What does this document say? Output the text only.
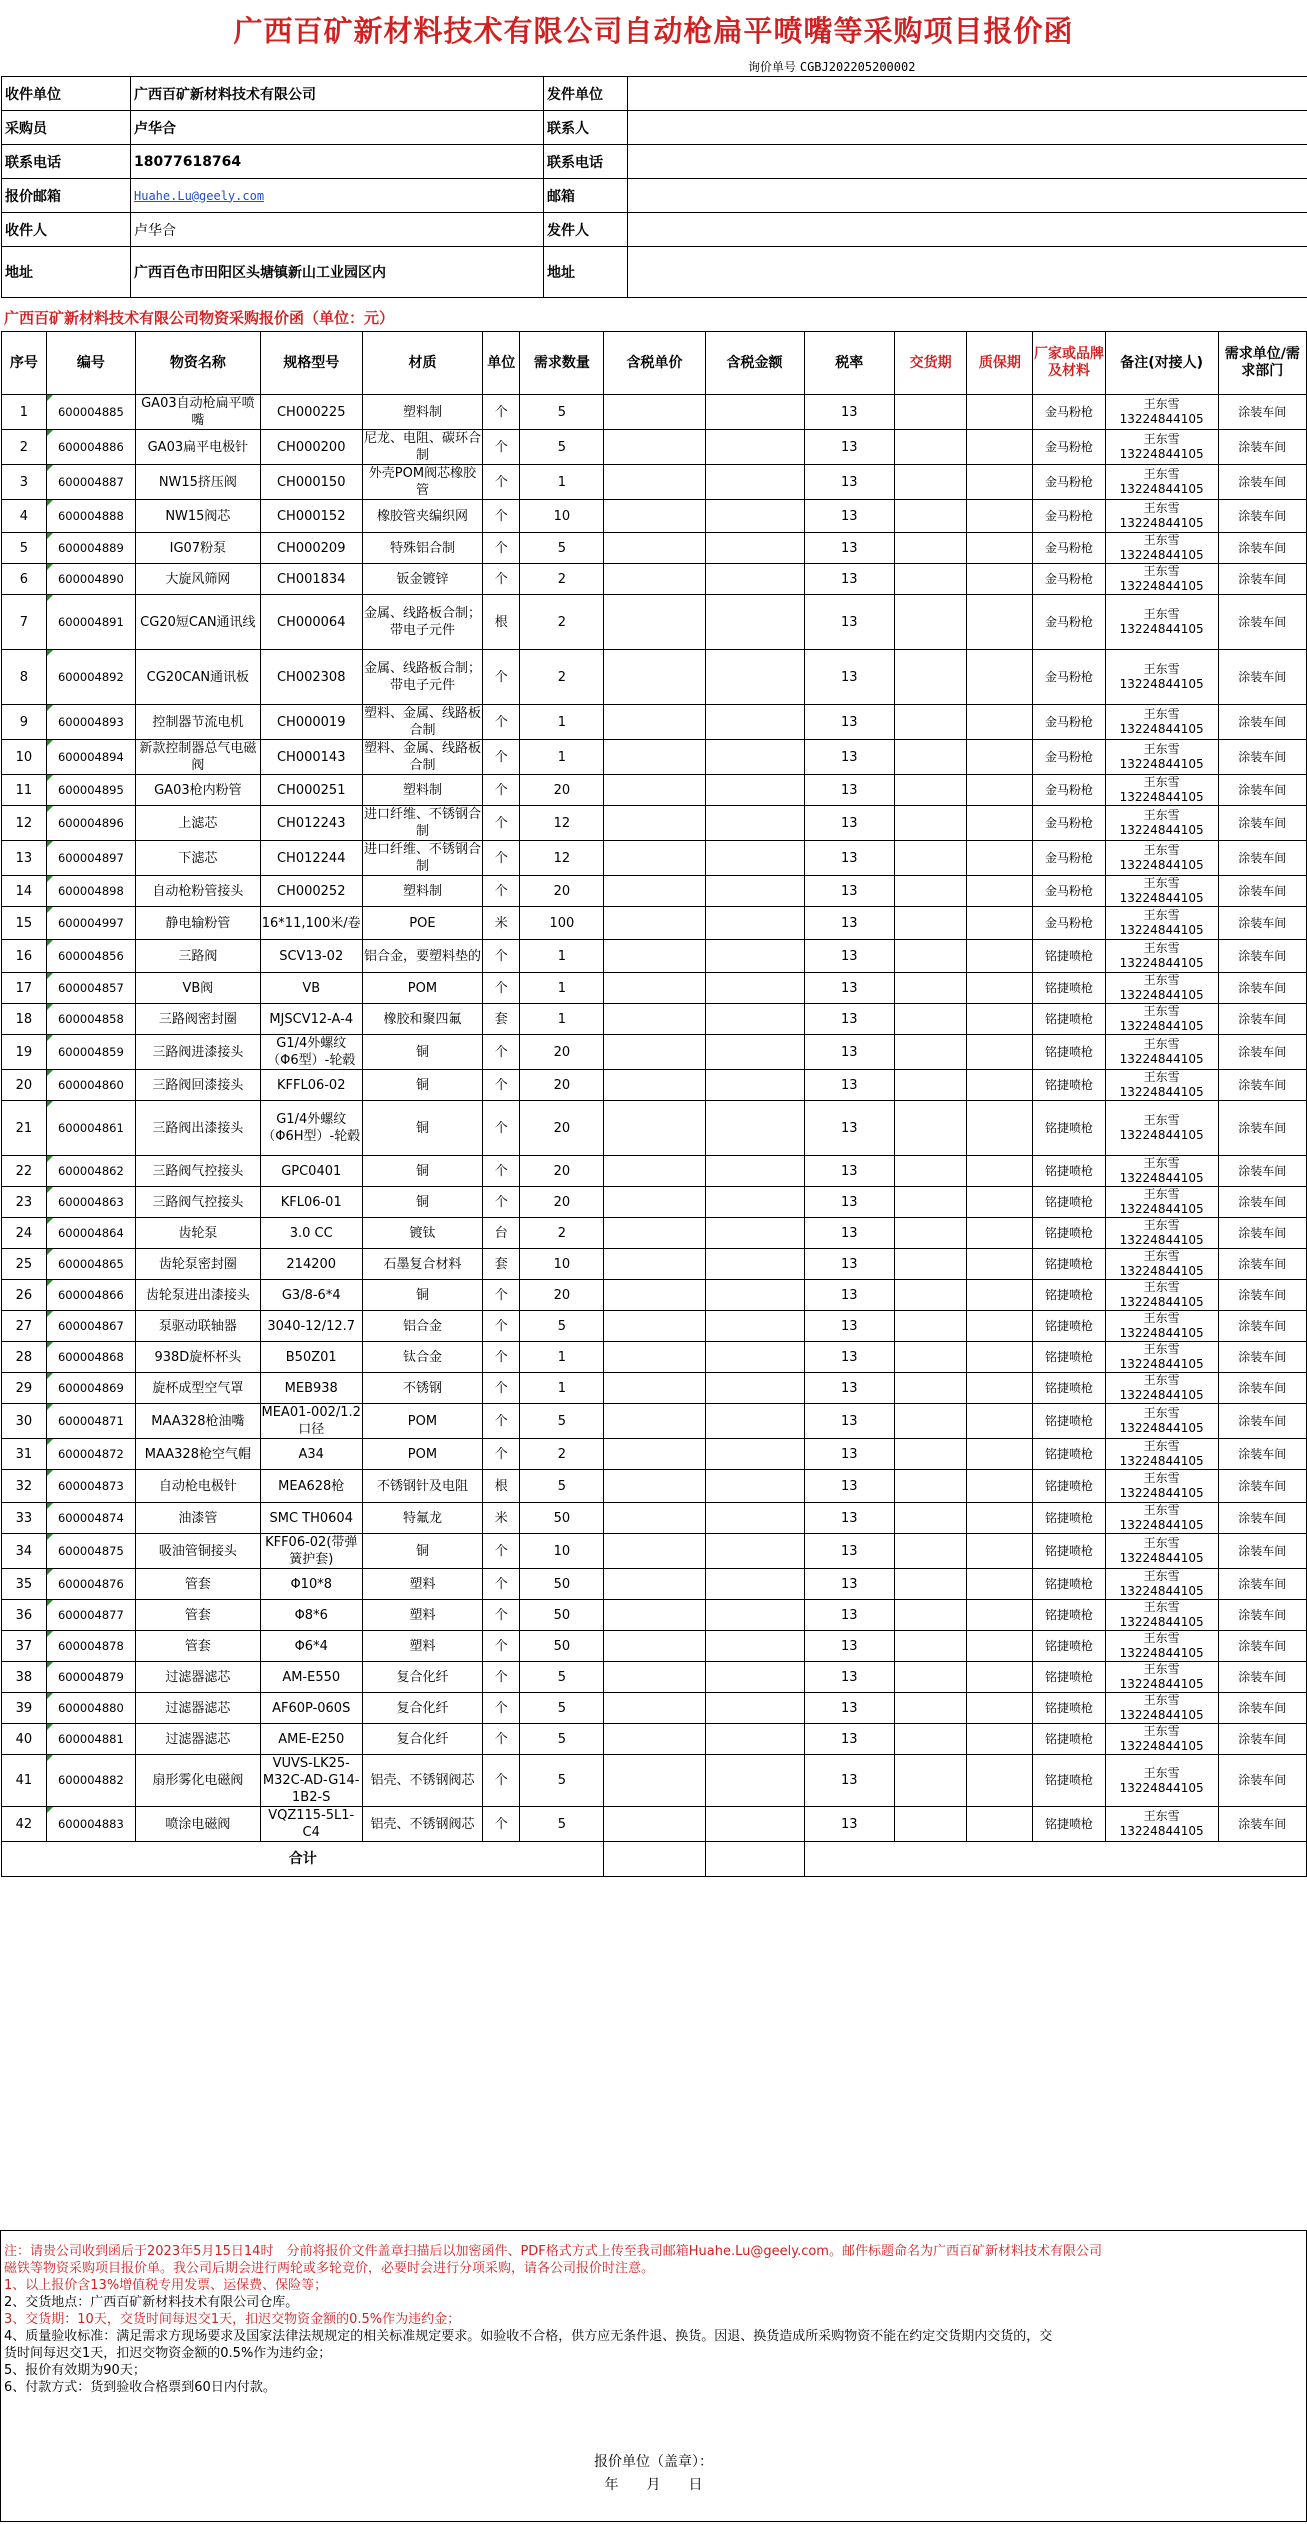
广西百矿新材料技术有限公司自动枪扁平喷嘴等采购项目报价函
询价单号 CGBJ202205200002
收件单位	广西百矿新材料技术有限公司	发件单位	
采购员	卢华合	联系人	
联系电话	18077618764	联系电话	
报价邮箱	Huahe.Lu@geely.com	邮箱	
收件人	卢华合	发件人	
地址	广西百色市田阳区头塘镇新山工业园区内	地址	
广西百矿新材料技术有限公司物资采购报价函（单位：元）
序号	编号	物资名称	规格型号	材质	单位	需求数量	含税单价	含税金额	税率	交货期	质保期	厂家或品牌及材料	备注(对接人)	需求单位/需求部门
1	600004885	GA03自动枪扁平喷嘴	CH000225	塑料制	个	5			13			金马粉枪	王东雪 13224844105	涂装车间
2	600004886	GA03扁平电极针	CH000200	尼龙、电阻、碳环合制	个	5			13			金马粉枪	王东雪 13224844105	涂装车间
3	600004887	NW15挤压阀	CH000150	外壳POM阀芯橡胶管	个	1			13			金马粉枪	王东雪 13224844105	涂装车间
4	600004888	NW15阀芯	CH000152	橡胶管夹编织网	个	10			13			金马粉枪	王东雪 13224844105	涂装车间
5	600004889	IG07粉泵	CH000209	特殊铝合制	个	5			13			金马粉枪	王东雪 13224844105	涂装车间
6	600004890	大旋风筛网	CH001834	钣金镀锌	个	2			13			金马粉枪	王东雪 13224844105	涂装车间
7	600004891	CG20短CAN通讯线	CH000064	金属、线路板合制；带电子元件	根	2			13			金马粉枪	王东雪 13224844105	涂装车间
8	600004892	CG20CAN通讯板	CH002308	金属、线路板合制；带电子元件	个	2			13			金马粉枪	王东雪 13224844105	涂装车间
9	600004893	控制器节流电机	CH000019	塑料、金属、线路板合制	个	1			13			金马粉枪	王东雪 13224844105	涂装车间
10	600004894	新款控制器总气电磁阀	CH000143	塑料、金属、线路板合制	个	1			13			金马粉枪	王东雪 13224844105	涂装车间
11	600004895	GA03枪内粉管	CH000251	塑料制	个	20			13			金马粉枪	王东雪 13224844105	涂装车间
12	600004896	上滤芯	CH012243	进口纤维、不锈钢合制	个	12			13			金马粉枪	王东雪 13224844105	涂装车间
13	600004897	下滤芯	CH012244	进口纤维、不锈钢合制	个	12			13			金马粉枪	王东雪 13224844105	涂装车间
14	600004898	自动枪粉管接头	CH000252	塑料制	个	20			13			金马粉枪	王东雪 13224844105	涂装车间
15	600004997	静电输粉管	16*11,100米/卷	POE	米	100			13			金马粉枪	王东雪 13224844105	涂装车间
16	600004856	三路阀	SCV13-02	铝合金，要塑料垫的	个	1			13			铭捷喷枪	王东雪 13224844105	涂装车间
17	600004857	VB阀	VB	POM	个	1			13			铭捷喷枪	王东雪 13224844105	涂装车间
18	600004858	三路阀密封圈	MJSCV12-A-4	橡胶和聚四氟	套	1			13			铭捷喷枪	王东雪 13224844105	涂装车间
19	600004859	三路阀进漆接头	G1/4外螺纹（Φ6型）-轮毂	铜	个	20			13			铭捷喷枪	王东雪 13224844105	涂装车间
20	600004860	三路阀回漆接头	KFFL06-02	铜	个	20			13			铭捷喷枪	王东雪 13224844105	涂装车间
21	600004861	三路阀出漆接头	G1/4外螺纹（Φ6H型）-轮毂	铜	个	20			13			铭捷喷枪	王东雪 13224844105	涂装车间
22	600004862	三路阀气控接头	GPC0401	铜	个	20			13			铭捷喷枪	王东雪 13224844105	涂装车间
23	600004863	三路阀气控接头	KFL06-01	铜	个	20			13			铭捷喷枪	王东雪 13224844105	涂装车间
24	600004864	齿轮泵	3.0 CC	镀钛	台	2			13			铭捷喷枪	王东雪 13224844105	涂装车间
25	600004865	齿轮泵密封圈	214200	石墨复合材料	套	10			13			铭捷喷枪	王东雪 13224844105	涂装车间
26	600004866	齿轮泵进出漆接头	G3/8-6*4	铜	个	20			13			铭捷喷枪	王东雪 13224844105	涂装车间
27	600004867	泵驱动联轴器	3040-12/12.7	铝合金	个	5			13			铭捷喷枪	王东雪 13224844105	涂装车间
28	600004868	938D旋杯杯头	B50Z01	钛合金	个	1			13			铭捷喷枪	王东雪 13224844105	涂装车间
29	600004869	旋杯成型空气罩	MEB938	不锈钢	个	1			13			铭捷喷枪	王东雪 13224844105	涂装车间
30	600004871	MAA328枪油嘴	MEA01-002/1.2口径	POM	个	5			13			铭捷喷枪	王东雪 13224844105	涂装车间
31	600004872	MAA328枪空气帽	A34	POM	个	2			13			铭捷喷枪	王东雪 13224844105	涂装车间
32	600004873	自动枪电极针	MEA628枪	不锈钢针及电阻	根	5			13			铭捷喷枪	王东雪 13224844105	涂装车间
33	600004874	油漆管	SMC TH0604	特氟龙	米	50			13			铭捷喷枪	王东雪 13224844105	涂装车间
34	600004875	吸油管铜接头	KFF06-02(带弹簧护套)	铜	个	10			13			铭捷喷枪	王东雪 13224844105	涂装车间
35	600004876	管套	Φ10*8	塑料	个	50			13			铭捷喷枪	王东雪 13224844105	涂装车间
36	600004877	管套	Φ8*6	塑料	个	50			13			铭捷喷枪	王东雪 13224844105	涂装车间
37	600004878	管套	Φ6*4	塑料	个	50			13			铭捷喷枪	王东雪 13224844105	涂装车间
38	600004879	过滤器滤芯	AM-E550	复合化纤	个	5			13			铭捷喷枪	王东雪 13224844105	涂装车间
39	600004880	过滤器滤芯	AF60P-060S	复合化纤	个	5			13			铭捷喷枪	王东雪 13224844105	涂装车间
40	600004881	过滤器滤芯	AME-E250	复合化纤	个	5			13			铭捷喷枪	王东雪 13224844105	涂装车间
41	600004882	扇形雾化电磁阀	VUVS-LK25-M32C-AD-G14-1B2-S	铝壳、不锈钢阀芯	个	5			13			铭捷喷枪	王东雪 13224844105	涂装车间
42	600004883	喷涂电磁阀	VQZ115-5L1-C4	铝壳、不锈钢阀芯	个	5			13			铭捷喷枪	王东雪 13224844105	涂装车间
合计														

注：请贵公司收到函后于2023年5月15日14时　分前将报价文件盖章扫描后以加密函件、PDF格式方式上传至我司邮箱Huahe.Lu@geely.com。邮件标题命名为广西百矿新材料技术有限公司

磁铁等物资采购项目报价单。我公司后期会进行两轮或多轮竞价，必要时会进行分项采购，请各公司报价时注意。

1、以上报价含13%增值税专用发票、运保费、保险等；

2、交货地点：广西百矿新材料技术有限公司仓库。

3、交货期：10天，交货时间每迟交1天，扣迟交物资金额的0.5%作为违约金；

4、质量验收标准：满足需求方现场要求及国家法律法规规定的相关标准规定要求。如验收不合格，供方应无条件退、换货。因退、换货造成所采购物资不能在约定交货期内交货的，交

货时间每迟交1天，扣迟交物资金额的0.5%作为违约金；

5、报价有效期为90天；

6、付款方式：货到验收合格票到60日内付款。

报价单位（盖章）：
年　　月　　日
